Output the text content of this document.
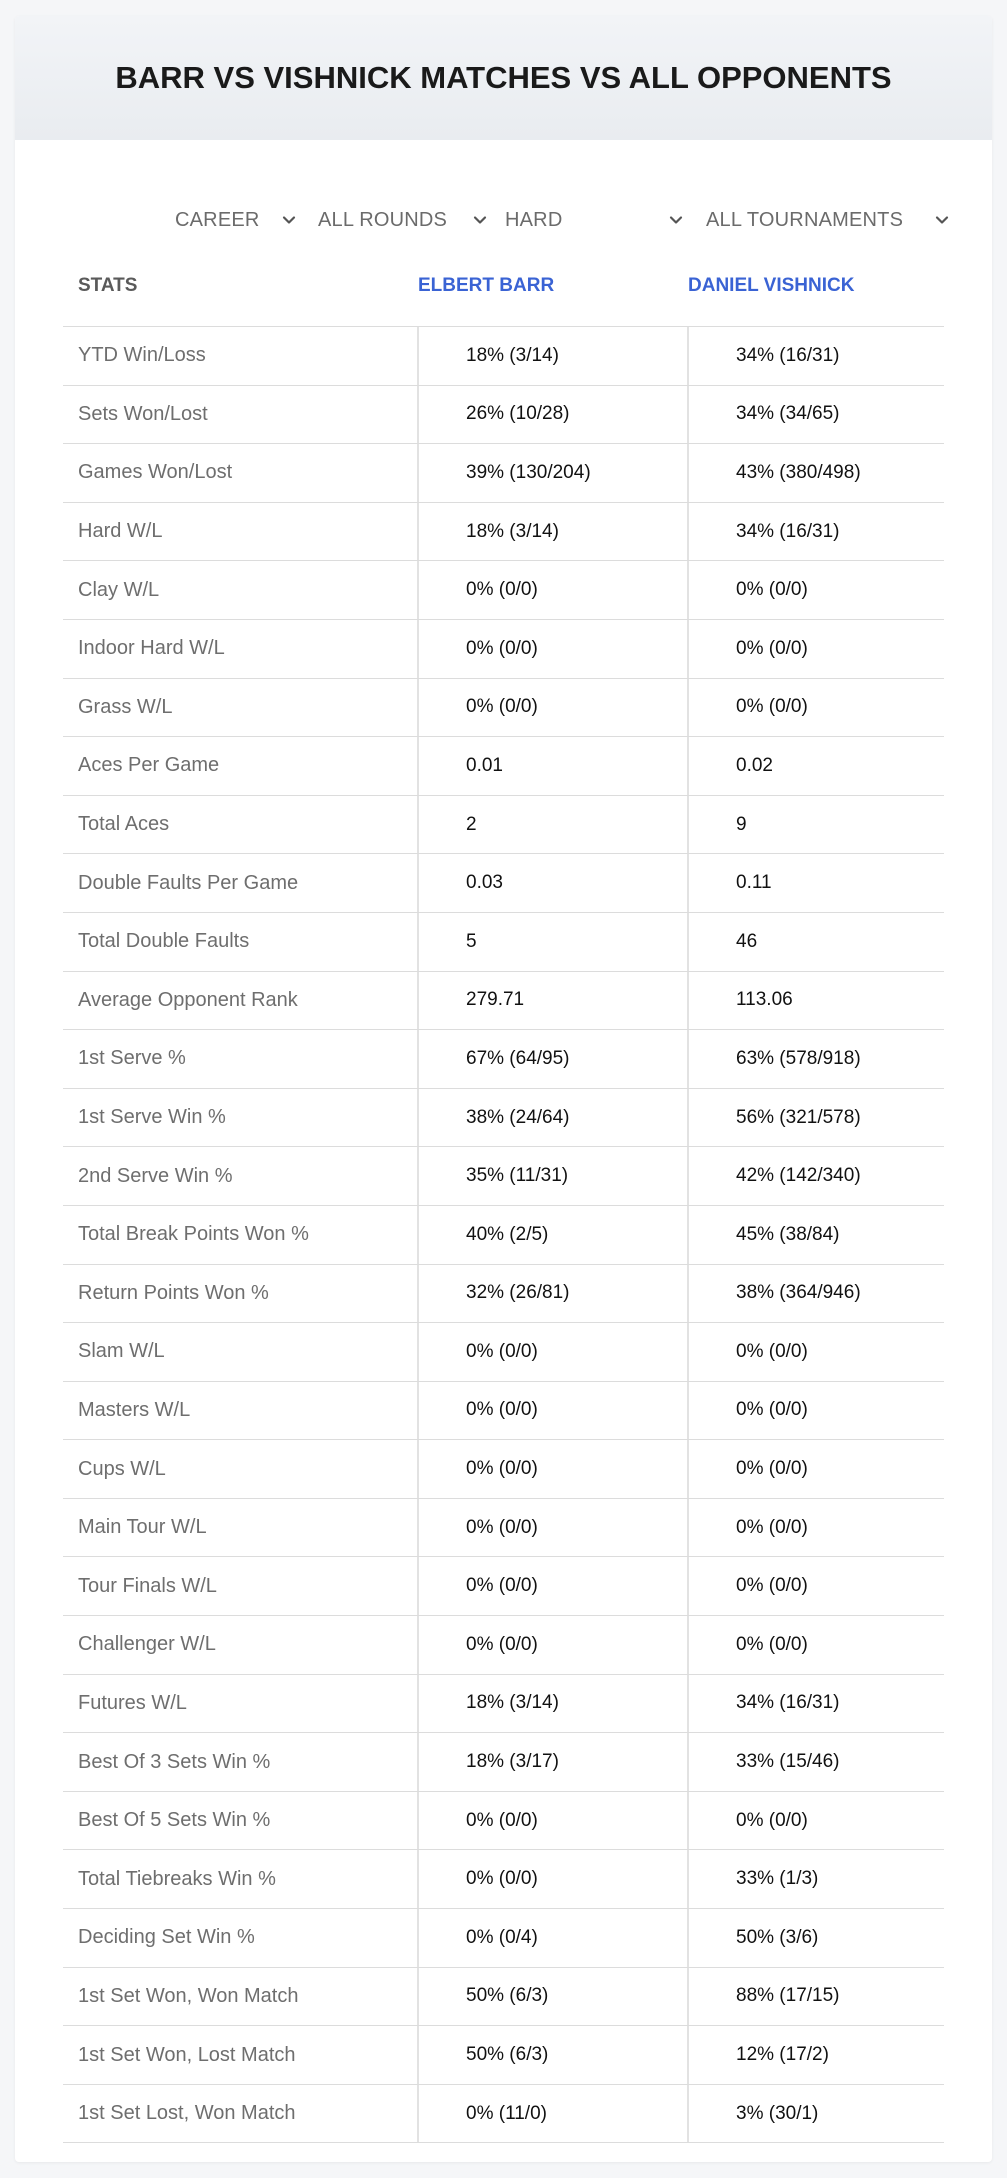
BARR VS VISHNICK MATCHES VS ALL OPPONENTS
CAREER	ALL ROUNDS	HARD	ALL TOURNAMENTS
STATS	ELBERT BARR	DANIEL VISHNICK
YTD Win/Loss	18% (3/14)	34% (16/31)
Sets Won/Lost	26% (10/28)	34% (34/65)
Games Won/Lost	39% (130/204)	43% (380/498)
Hard W/L	18% (3/14)	34% (16/31)
Clay W/L	0% (0/0)	0% (0/0)
Indoor Hard W/L	0% (0/0)	0% (0/0)
Grass W/L	0% (0/0)	0% (0/0)
Aces Per Game	0.01	0.02
Total Aces	2	9
Double Faults Per Game	0.03	0.11
Total Double Faults	5	46
Average Opponent Rank	279.71	113.06
1st Serve %	67% (64/95)	63% (578/918)
1st Serve Win %	38% (24/64)	56% (321/578)
2nd Serve Win %	35% (11/31)	42% (142/340)
Total Break Points Won %	40% (2/5)	45% (38/84)
Return Points Won %	32% (26/81)	38% (364/946)
Slam W/L	0% (0/0)	0% (0/0)
Masters W/L	0% (0/0)	0% (0/0)
Cups W/L	0% (0/0)	0% (0/0)
Main Tour W/L	0% (0/0)	0% (0/0)
Tour Finals W/L	0% (0/0)	0% (0/0)
Challenger W/L	0% (0/0)	0% (0/0)
Futures W/L	18% (3/14)	34% (16/31)
Best Of 3 Sets Win %	18% (3/17)	33% (15/46)
Best Of 5 Sets Win %	0% (0/0)	0% (0/0)
Total Tiebreaks Win %	0% (0/0)	33% (1/3)
Deciding Set Win %	0% (0/4)	50% (3/6)
1st Set Won, Won Match	50% (6/3)	88% (17/15)
1st Set Won, Lost Match	50% (6/3)	12% (17/2)
1st Set Lost, Won Match	0% (11/0)	3% (30/1)
